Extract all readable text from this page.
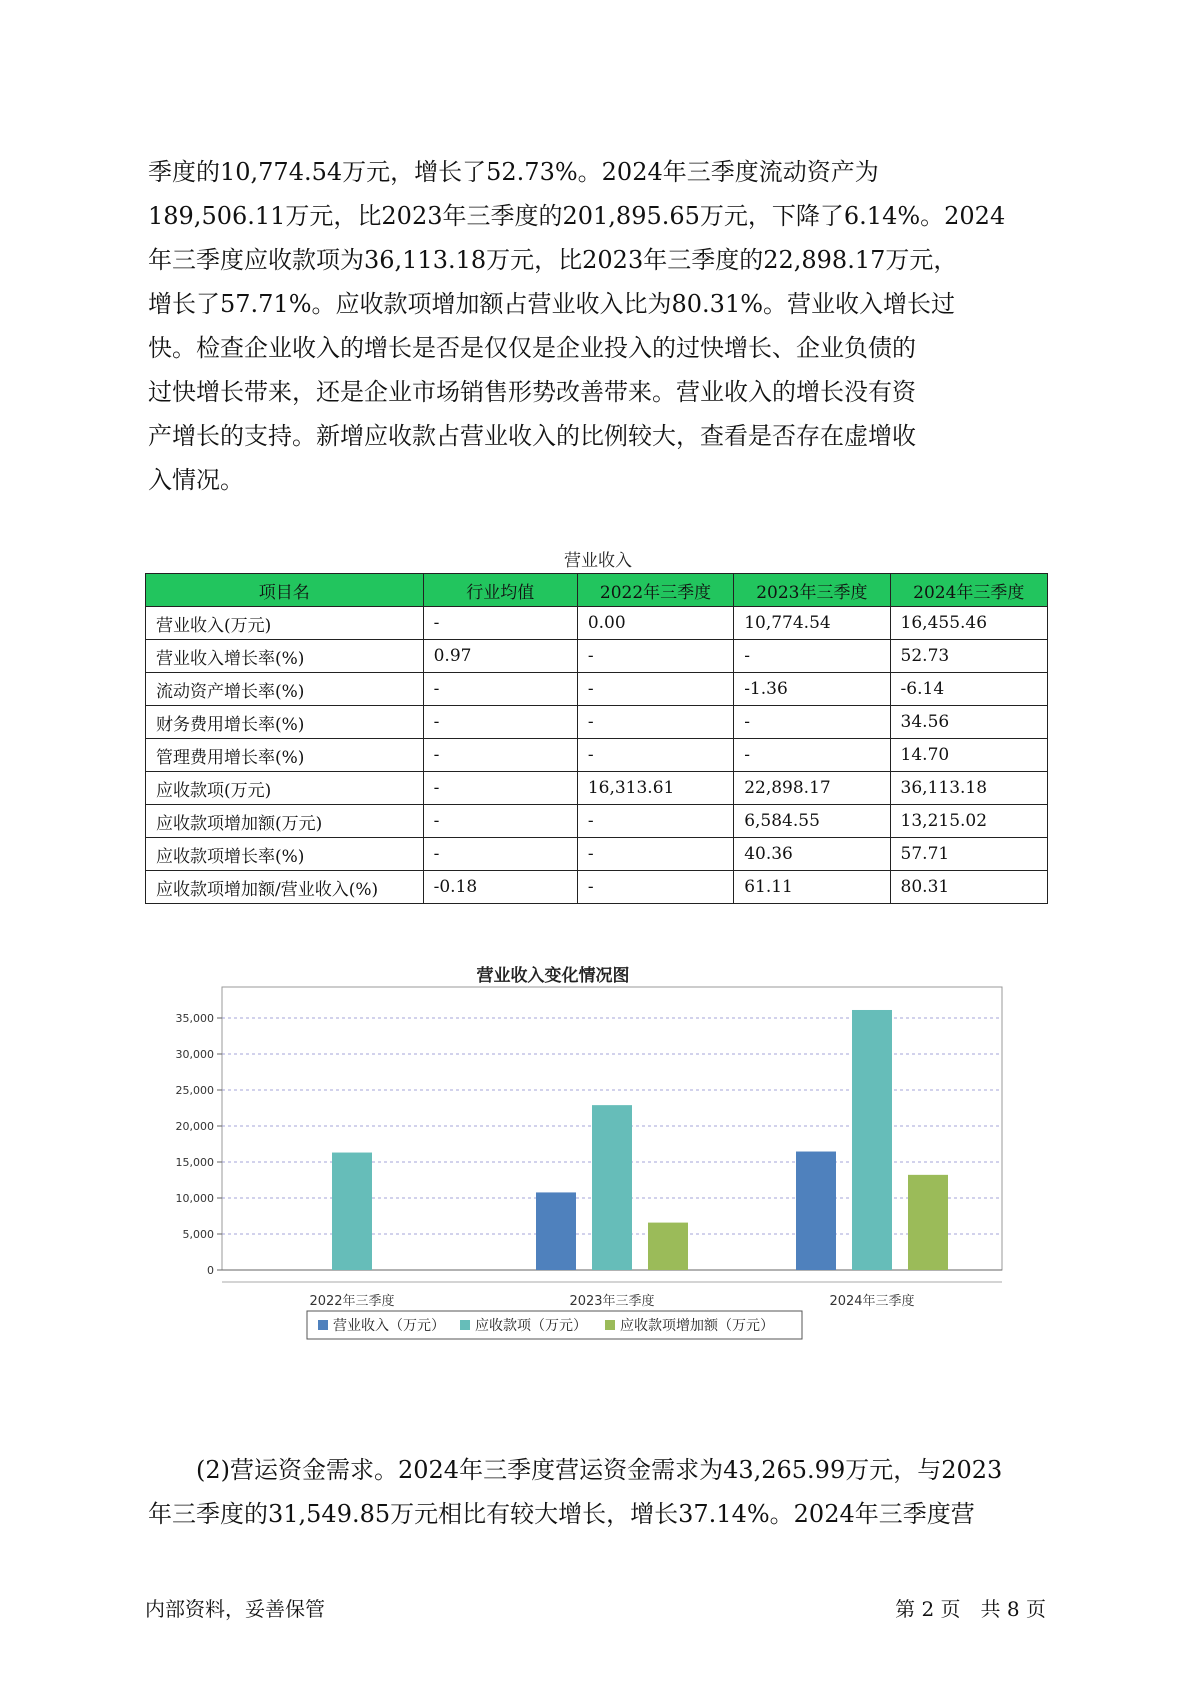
季度的10,774.54万元，增长了52.73%。2024年三季度流动资产为
189,506.11万元，比2023年三季度的201,895.65万元，下降了6.14%。2024
年三季度应收款项为36,113.18万元，比2023年三季度的22,898.17万元，
增长了57.71%。应收款项增加额占营业收入比为80.31%。营业收入增长过
快。检查企业收入的增长是否是仅仅是企业投入的过快增长、企业负债的
过快增长带来，还是企业市场销售形势改善带来。营业收入的增长没有资
产增长的支持。新增应收款占营业收入的比例较大，查看是否存在虚增收
入情况。
营业收入
项目名	行业均值	2022年三季度	2023年三季度	2024年三季度
营业收入(万元)	-	0.00	10,774.54	16,455.46
营业收入增长率(%)	0.97	-	-	52.73
流动资产增长率(%)	-	-	-1.36	-6.14
财务费用增长率(%)	-	-	-	34.56
管理费用增长率(%)	-	-	-	14.70
应收款项(万元)	-	16,313.61	22,898.17	36,113.18
应收款项增加额(万元)	-	-	6,584.55	13,215.02
应收款项增长率(%)	-	-	40.36	57.71
应收款项增加额/营业收入(%)	-0.18	-	61.11	80.31
营业收入变化情况图
0
5,000
10,000
15,000
20,000
25,000
30,000
35,000
2022年三季度	2023年三季度	2024年三季度
营业收入（万元） 应收款项（万元） 应收款项增加额（万元）
　　(2)营运资金需求。2024年三季度营运资金需求为43,265.99万元，与2023
年三季度的31,549.85万元相比有较大增长，增长37.14%。2024年三季度营
内部资料，妥善保管	第 2 页　共 8 页
